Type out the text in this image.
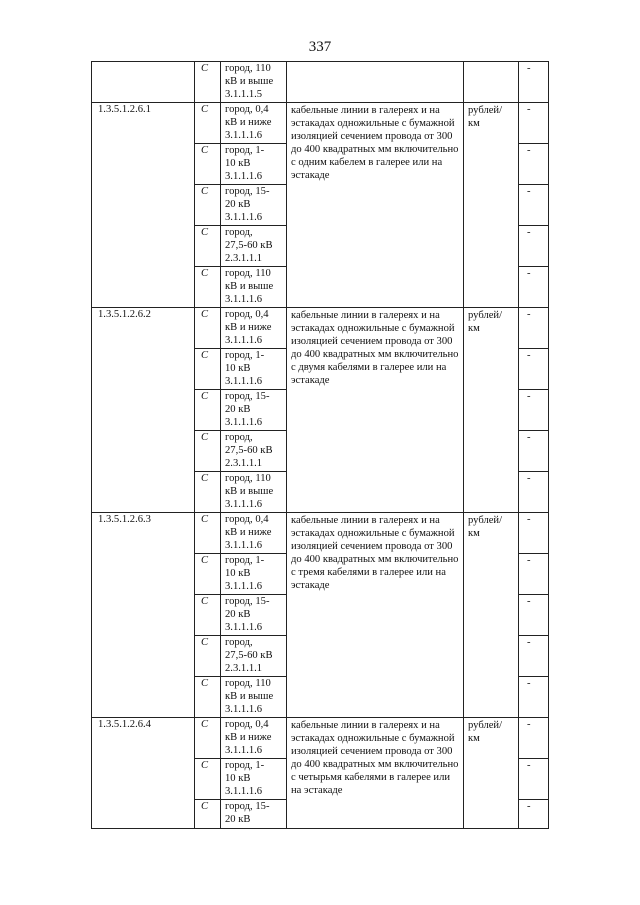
337
	C	город, 110
кВ и выше
3.1.1.1.5			-
1.3.5.1.2.6.1	C	город, 0,4
кВ и ниже
3.1.1.1.6	кабельные линии в галереях и на эстакадах одножильные с бумажной изоляцией сечением провода от 300 до 400 квадратных мм включительно с одним кабелем в галерее или на эстакаде	рублей/
км	-
	C	город, 1-
10 кВ
3.1.1.1.6			-
	C	город, 15-
20 кВ
3.1.1.1.6			-
	C	город,
27,5-60 кВ
2.3.1.1.1			-
	C	город, 110
кВ и выше
3.1.1.1.6			-
1.3.5.1.2.6.2	C	город, 0,4
кВ и ниже
3.1.1.1.6	кабельные линии в галереях и на эстакадах одножильные с бумажной изоляцией сечением провода от 300 до 400 квадратных мм включительно с двумя кабелями в галерее или на эстакаде	рублей/
км	-
	C	город, 1-
10 кВ
3.1.1.1.6			-
	C	город, 15-
20 кВ
3.1.1.1.6			-
	C	город,
27,5-60 кВ
2.3.1.1.1			-
	C	город, 110
кВ и выше
3.1.1.1.6			-
1.3.5.1.2.6.3	C	город, 0,4
кВ и ниже
3.1.1.1.6	кабельные линии в галереях и на эстакадах одножильные с бумажной изоляцией сечением провода от 300 до 400 квадратных мм включительно с тремя кабелями в галерее или на эстакаде	рублей/
км	-
	C	город, 1-
10 кВ
3.1.1.1.6			-
	C	город, 15-
20 кВ
3.1.1.1.6			-
	C	город,
27,5-60 кВ
2.3.1.1.1			-
	C	город, 110
кВ и выше
3.1.1.1.6			-
1.3.5.1.2.6.4	C	город, 0,4
кВ и ниже
3.1.1.1.6	кабельные линии в галереях и на эстакадах одножильные с бумажной изоляцией сечением провода от 300 до 400 квадратных мм включительно с четырьмя кабелями в галерее или на эстакаде	рублей/
км	-
	C	город, 1-
10 кВ
3.1.1.1.6			-
	C	город, 15-
20 кВ			-
